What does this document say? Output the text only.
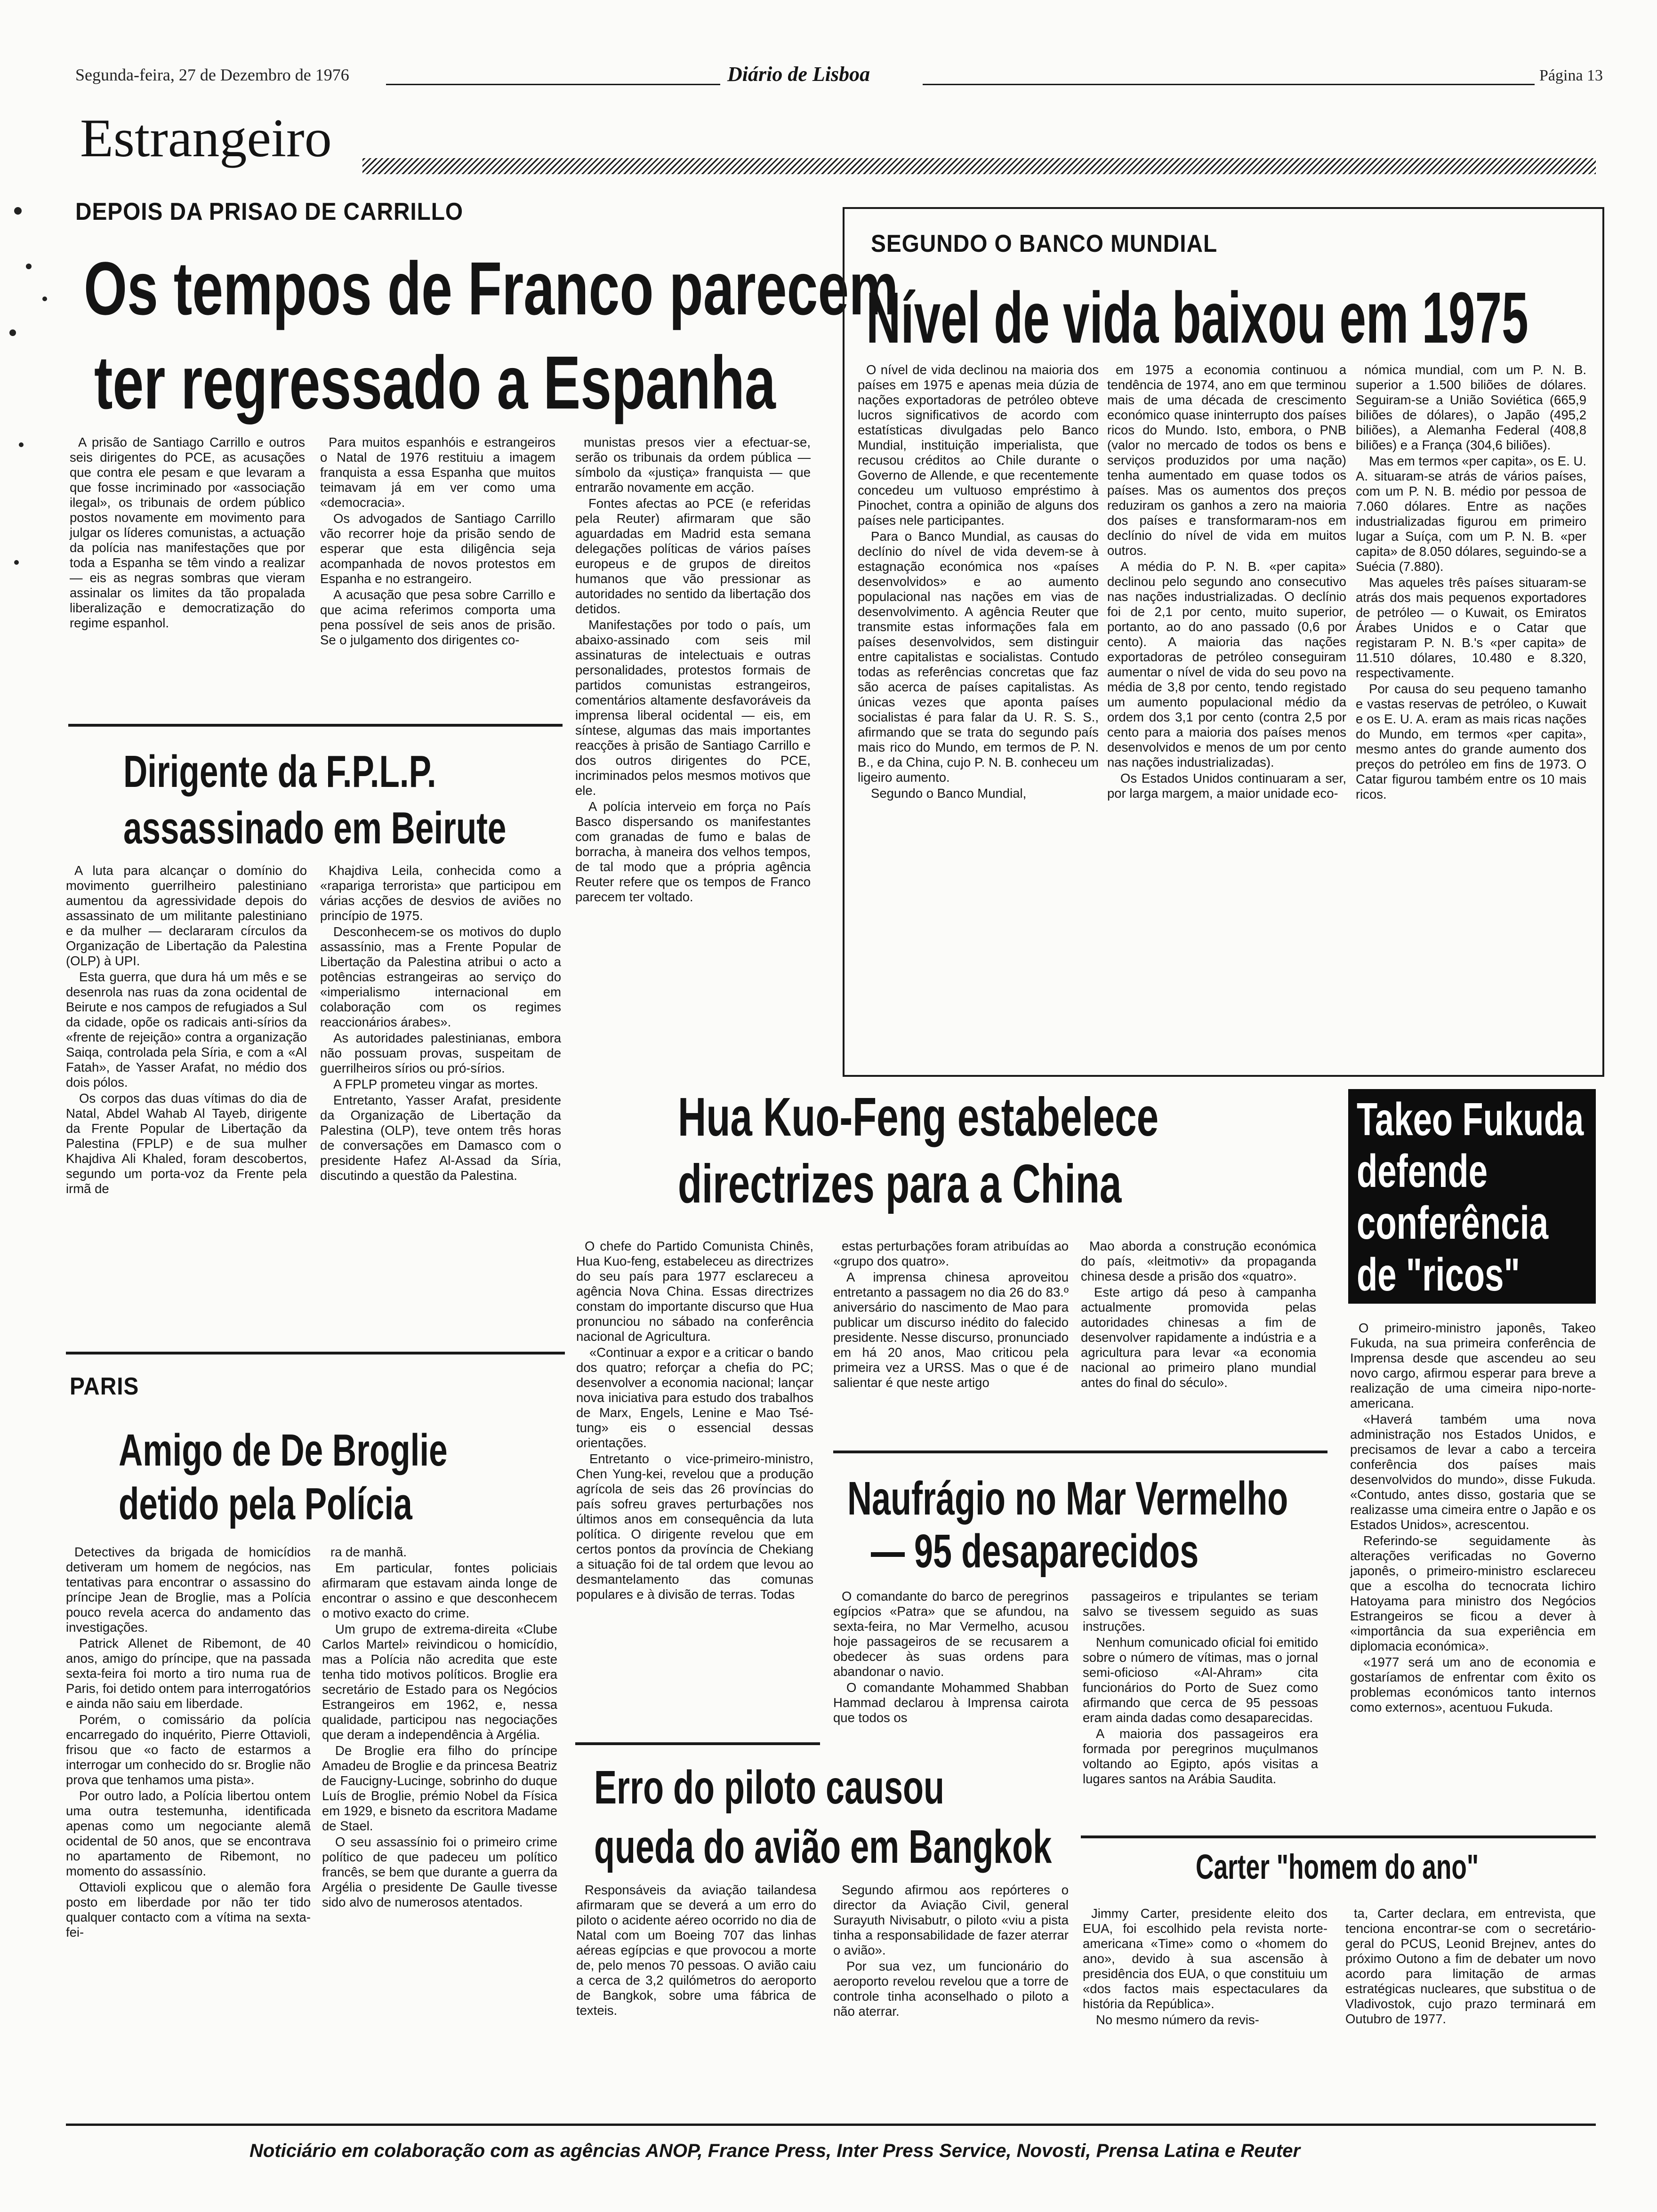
Segunda-feira, 27 de Dezembro de 1976	Diário de Lisboa	Página 13
Estrangeiro
DEPOIS DA PRISAO DE CARRILLO
Os tempos de Franco parecem
ter regressado a Espanha

A prisão de Santiago Carrillo e outros seis dirigentes do PCE, as acusações que contra ele pesam e que levaram a que fosse incriminado por «associação ilegal», os tribunais de ordem público postos novamente em movimento para julgar os líderes comunistas, a actuação da polícia nas manifestações que por toda a Espanha se têm vindo a realizar — eis as negras sombras que vieram assinalar os limites da tão propalada liberalização e democratização do regime espanhol.

Para muitos espanhóis e estrangeiros o Natal de 1976 restituiu a imagem franquista a essa Espanha que muitos teimavam já em ver como uma «democracia».

Os advogados de Santiago Carrillo vão recorrer hoje da prisão sendo de esperar que esta diligência seja acompanhada de novos protestos em Espanha e no estrangeiro.

A acusação que pesa sobre Carrillo e que acima referimos comporta uma pena possível de seis anos de prisão. Se o julgamento dos dirigentes co-

munistas presos vier a efectuar-se, serão os tribunais da ordem pública — símbolo da «justiça» franquista — que entrarão novamente em acção.

Fontes afectas ao PCE (e referidas pela Reuter) afirmaram que são aguardadas em Madrid esta semana delegações políticas de vários países europeus e de grupos de direitos humanos que vão pressionar as autoridades no sentido da libertação dos detidos.

Manifestações por todo o país, um abaixo-assinado com seis mil assinaturas de intelectuais e outras personalidades, protestos formais de partidos comunistas estrangeiros, comentários altamente desfavoráveis da imprensa liberal ocidental — eis, em síntese, algumas das mais importantes reacções à prisão de Santiago Carrillo e dos outros dirigentes do PCE, incriminados pelos mesmos motivos que ele.

A polícia interveio em força no País Basco dispersando os manifestantes com granadas de fumo e balas de borracha, à maneira dos velhos tempos, de tal modo que a própria agência Reuter refere que os tempos de Franco parecem ter voltado.

SEGUNDO O BANCO MUNDIAL
Nível de vida baixou em 1975

O nível de vida declinou na maioria dos países em 1975 e apenas meia dúzia de nações exportadoras de petróleo obteve lucros significativos de acordo com estatísticas divulgadas pelo Banco Mundial, instituição imperialista, que recusou créditos ao Chile durante o Governo de Allende, e que recentemente concedeu um vultuoso empréstimo à Pinochet, contra a opinião de alguns dos países nele participantes.

Para o Banco Mundial, as causas do declínio do nível de vida devem-se à estagnação económica nos «países desenvolvidos» e ao aumento populacional nas nações em vias de desenvolvimento. A agência Reuter que transmite estas informações fala em países desenvolvidos, sem distinguir entre capitalistas e socialistas. Contudo todas as referências concretas que faz são acerca de países capitalistas. As únicas vezes que aponta países socialistas é para falar da U. R. S. S., afirmando que se trata do segundo país mais rico do Mundo, em termos de P. N. B., e da China, cujo P. N. B. conheceu um ligeiro aumento.

Segundo o Banco Mundial,

em 1975 a economia continuou a tendência de 1974, ano em que terminou mais de uma década de crescimento económico quase ininterrupto dos países ricos do Mundo. Isto, embora, o PNB (valor no mercado de todos os bens e serviços produzidos por uma nação) tenha aumentado em quase todos os países. Mas os aumentos dos preços reduziram os ganhos a zero na maioria dos países e transformaram-nos em declínio do nível de vida em muitos outros.

A média do P. N. B. «per capita» declinou pelo segundo ano consecutivo nas nações industrializadas. O declínio foi de 2,1 por cento, muito superior, portanto, ao do ano passado (0,6 por cento). A maioria das nações exportadoras de petróleo conseguiram aumentar o nível de vida do seu povo na média de 3,8 por cento, tendo registado um aumento populacional médio da ordem dos 3,1 por cento (contra 2,5 por cento para a maioria dos países menos desenvolvidos e menos de um por cento nas nações industrializadas).

Os Estados Unidos continuaram a ser, por larga margem, a maior unidade eco-

nómica mundial, com um P. N. B. superior a 1.500 biliões de dólares. Seguiram-se a União Soviética (665,9 biliões de dólares), o Japão (495,2 biliões), a Alemanha Federal (408,8 biliões) e a França (304,6 biliões).

Mas em termos «per capita», os E. U. A. situaram-se atrás de vários países, com um P. N. B. médio por pessoa de 7.060 dólares. Entre as nações industrializadas figurou em primeiro lugar a Suíça, com um P. N. B. «per capita» de 8.050 dólares, seguindo-se a Suécia (7.880).

Mas aqueles três países situaram-se atrás dos mais pequenos exportadores de petróleo — o Kuwait, os Emiratos Árabes Unidos e o Catar que registaram P. N. B.'s «per capita» de 11.510 dólares, 10.480 e 8.320, respectivamente.

Por causa do seu pequeno tamanho e vastas reservas de petróleo, o Kuwait e os E. U. A. eram as mais ricas nações do Mundo, em termos «per capita», mesmo antes do grande aumento dos preços do petróleo em fins de 1973. O Catar figurou também entre os 10 mais ricos.

Dirigente da F.P.L.P.
assassinado em Beirute

A luta para alcançar o domínio do movimento guerrilheiro palestiniano aumentou da agressividade depois do assassinato de um militante palestiniano e da mulher — declararam círculos da Organização de Libertação da Palestina (OLP) à UPI.

Esta guerra, que dura há um mês e se desenrola nas ruas da zona ocidental de Beirute e nos campos de refugiados a Sul da cidade, opõe os radicais anti-sírios da «frente de rejeição» contra a organização Saiqa, controlada pela Síria, e com a «Al Fatah», de Yasser Arafat, no médio dos dois pólos.

Os corpos das duas vítimas do dia de Natal, Abdel Wahab Al Tayeb, dirigente da Frente Popular de Libertação da Palestina (FPLP) e de sua mulher Khajdiva Ali Khaled, foram descobertos, segundo um porta-voz da Frente pela irmã de

Khajdiva Leila, conhecida como a «rapariga terrorista» que participou em várias acções de desvios de aviões no princípio de 1975.

Desconhecem-se os motivos do duplo assassínio, mas a Frente Popular de Libertação da Palestina atribui o acto a potências estrangeiras ao serviço do «imperialismo internacional em colaboração com os regimes reaccionários árabes».

As autoridades palestinianas, embora não possuam provas, suspeitam de guerrilheiros sírios ou pró-sírios.

A FPLP prometeu vingar as mortes.

Entretanto, Yasser Arafat, presidente da Organização de Libertação da Palestina (OLP), teve ontem três horas de conversações em Damasco com o presidente Hafez Al-Assad da Síria, discutindo a questão da Palestina.

Hua Kuo-Feng estabelece
directrizes para a China

O chefe do Partido Comunista Chinês, Hua Kuo-feng, estabeleceu as directrizes do seu país para 1977 esclareceu a agência Nova China. Essas directrizes constam do importante discurso que Hua pronunciou no sábado na conferência nacional de Agricultura.

«Continuar a expor e a criticar o bando dos quatro; reforçar a chefia do PC; desenvolver a economia nacional; lançar nova iniciativa para estudo dos trabalhos de Marx, Engels, Lenine e Mao Tsé-tung» eis o essencial dessas orientações.

Entretanto o vice-primeiro-ministro, Chen Yung-kei, revelou que a produção agrícola de seis das 26 províncias do país sofreu graves perturbações nos últimos anos em consequência da luta política. O dirigente revelou que em certos pontos da província de Chekiang a situação foi de tal ordem que levou ao desmantelamento das comunas populares e à divisão de terras. Todas

estas perturbações foram atribuídas ao «grupo dos quatro».

A imprensa chinesa aproveitou entretanto a passagem no dia 26 do 83.º aniversário do nascimento de Mao para publicar um discurso inédito do falecido presidente. Nesse discurso, pronunciado em há 20 anos, Mao criticou pela primeira vez a URSS. Mas o que é de salientar é que neste artigo

Mao aborda a construção económica do país, «leitmotiv» da propaganda chinesa desde a prisão dos «quatro».

Este artigo dá peso à campanha actualmente promovida pelas autoridades chinesas a fim de desenvolver rapidamente a indústria e a agricultura para levar «a economia nacional ao primeiro plano mundial antes do final do século».

Takeo Fukuda
defende
conferência
de "ricos"

O primeiro-ministro japonês, Takeo Fukuda, na sua primeira conferência de Imprensa desde que ascendeu ao seu novo cargo, afirmou esperar para breve a realização de uma cimeira nipo-norte-americana.

«Haverá também uma nova administração nos Estados Unidos, e precisamos de levar a cabo a terceira conferência dos países mais desenvolvidos do mundo», disse Fukuda. «Contudo, antes disso, gostaria que se realizasse uma cimeira entre o Japão e os Estados Unidos», acrescentou.

Referindo-se seguidamente às alterações verificadas no Governo japonês, o primeiro-ministro esclareceu que a escolha do tecnocrata Iichiro Hatoyama para ministro dos Negócios Estrangeiros se ficou a dever à «importância da sua experiência em diplomacia económica».

«1977 será um ano de economia e gostaríamos de enfrentar com êxito os problemas económicos tanto internos como externos», acentuou Fukuda.

PARIS
Amigo de De Broglie
detido pela Polícia

Detectives da brigada de homicídios detiveram um homem de negócios, nas tentativas para encontrar o assassino do príncipe Jean de Broglie, mas a Polícia pouco revela acerca do andamento das investigações.

Patrick Allenet de Ribemont, de 40 anos, amigo do príncipe, que na passada sexta-feira foi morto a tiro numa rua de Paris, foi detido ontem para interrogatórios e ainda não saiu em liberdade.

Porém, o comissário da polícia encarregado do inquérito, Pierre Ottavioli, frisou que «o facto de estarmos a interrogar um conhecido do sr. Broglie não prova que tenhamos uma pista».

Por outro lado, a Polícia libertou ontem uma outra testemunha, identificada apenas como um negociante alemã ocidental de 50 anos, que se encontrava no apartamento de Ribemont, no momento do assassínio.

Ottavioli explicou que o alemão fora posto em liberdade por não ter tido qualquer contacto com a vítima na sexta-fei-

ra de manhã.

Em particular, fontes policiais afirmaram que estavam ainda longe de encontrar o assino e que desconhecem o motivo exacto do crime.

Um grupo de extrema-direita «Clube Carlos Martel» reivindicou o homicídio, mas a Polícia não acredita que este tenha tido motivos políticos. Broglie era secretário de Estado para os Negócios Estrangeiros em 1962, e, nessa qualidade, participou nas negociações que deram a independência à Argélia.

De Broglie era filho do príncipe Amadeu de Broglie e da princesa Beatriz de Faucigny-Lucinge, sobrinho do duque Luís de Broglie, prémio Nobel da Física em 1929, e bisneto da escritora Madame de Stael.

O seu assassínio foi o primeiro crime político de que padeceu um político francês, se bem que durante a guerra da Argélia o presidente De Gaulle tivesse sido alvo de numerosos atentados.

Naufrágio no Mar Vermelho
— 95 desaparecidos

O comandante do barco de peregrinos egípcios «Patra» que se afundou, na sexta-feira, no Mar Vermelho, acusou hoje passageiros de se recusarem a obedecer às suas ordens para abandonar o navio.

O comandante Mohammed Shabban Hammad declarou à Imprensa cairota que todos os

passageiros e tripulantes se teriam salvo se tivessem seguido as suas instruções.

Nenhum comunicado oficial foi emitido sobre o número de vítimas, mas o jornal semi-oficioso «Al-Ahram» cita funcionários do Porto de Suez como afirmando que cerca de 95 pessoas eram ainda dadas como desaparecidas.

A maioria dos passageiros era formada por peregrinos muçulmanos voltando ao Egipto, após visitas a lugares santos na Arábia Saudita.

Erro do piloto causou
queda do avião em Bangkok

Responsáveis da aviação tailandesa afirmaram que se deverá a um erro do piloto o acidente aéreo ocorrido no dia de Natal com um Boeing 707 das linhas aéreas egípcias e que provocou a morte de, pelo menos 70 pessoas. O avião caiu a cerca de 3,2 quilómetros do aeroporto de Bangkok, sobre uma fábrica de texteis.

Segundo afirmou aos repórteres o director da Aviação Civil, general Surayuth Nivisabutr, o piloto «viu a pista tinha a responsabilidade de fazer aterrar o avião».

Por sua vez, um funcionário do aeroporto revelou revelou que a torre de controle tinha aconselhado o piloto a não aterrar.

Carter "homem do ano"

Jimmy Carter, presidente eleito dos EUA, foi escolhido pela revista norte-americana «Time» como o «homem do ano», devido à sua ascensão à presidência dos EUA, o que constituiu um «dos factos mais espectaculares da história da República».

No mesmo número da revis-

ta, Carter declara, em entrevista, que tenciona encontrar-se com o secretário-geral do PCUS, Leonid Brejnev, antes do próximo Outono a fim de debater um novo acordo para limitação de armas estratégicas nucleares, que substitua o de Vladivostok, cujo prazo terminará em Outubro de 1977.

Noticiário em colaboração com as agências ANOP, France Press, Inter Press Service, Novosti, Prensa Latina e Reuter
